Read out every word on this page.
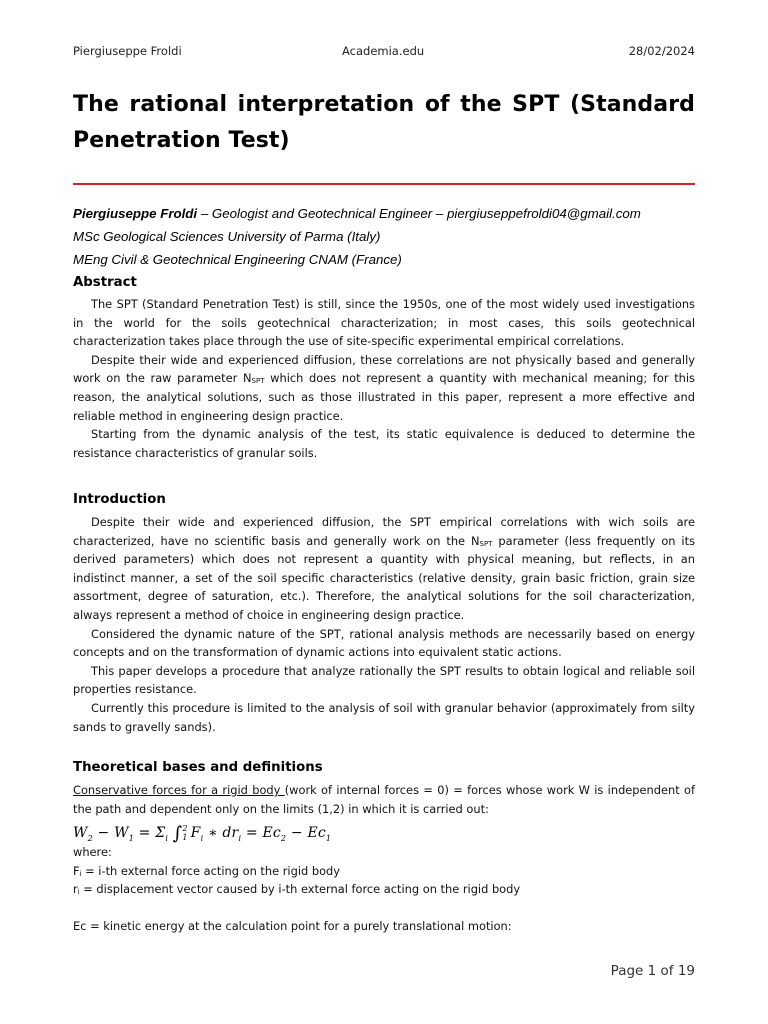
Piergiuseppe Froldi	Academia.edu	28/02/2024
The rational interpretation of the SPT (Standard Penetration Test)
Piergiuseppe Froldi – Geologist and Geotechnical Engineer – piergiuseppefroldi04@gmail.com
MSc Geological Sciences University of Parma (Italy)
MEng Civil & Geotechnical Engineering CNAM (France)
Abstract

The SPT (Standard Penetration Test) is still, since the 1950s, one of the most widely used investigations in the world for the soils geotechnical characterization; in most cases, this soils geotechnical characterization takes place through the use of site-specific experimental empirical correlations.

Despite their wide and experienced diffusion, these correlations are not physically based and generally work on the raw parameter $N_{SPT}$ which does not represent a quantity with mechanical meaning; for this reason, the analytical solutions, such as those illustrated in this paper, represent a more effective and reliable method in engineering design practice.

Starting from the dynamic analysis of the test, its static equivalence is deduced to determine the resistance characteristics of granular soils.

Introduction

Despite their wide and experienced diffusion, the SPT empirical correlations with wich soils are characterized, have no scientific basis and generally work on the $N_{SPT}$ parameter (less frequently on its derived parameters) which does not represent a quantity with physical meaning, but reflects, in an indistinct manner, a set of the soil specific characteristics (relative density, grain basic friction, grain size assortment, degree of saturation, etc.). Therefore, the analytical solutions for the soil characterization, always represent a method of choice in engineering design practice.

Considered the dynamic nature of the SPT, rational analysis methods are necessarily based on energy concepts and on the transformation of dynamic actions into equivalent static actions.

This paper develops a procedure that analyze rationally the SPT results to obtain logical and reliable soil properties resistance.

Currently this procedure is limited to the analysis of soil with granular behavior (approximately from silty sands to gravelly sands).

Theoretical bases and definitions

Conservative forces for a rigid body (work of internal forces = 0) = forces whose work W is independent of the path and dependent only on the limits (1,2) in which it is carried out:

$W_2 - W_1 = \Sigma_i$ ∫ 2
1 $F_i$ ∗ $dr_i = Ec_2 - Ec_1$
where:
$F_i = i-th$ external force acting on the rigid body
$r_i$ = displacement vector caused by i-th external force acting on the rigid body
Ec = kinetic energy at the calculation point for a purely translational motion:
Page 1 of 19
